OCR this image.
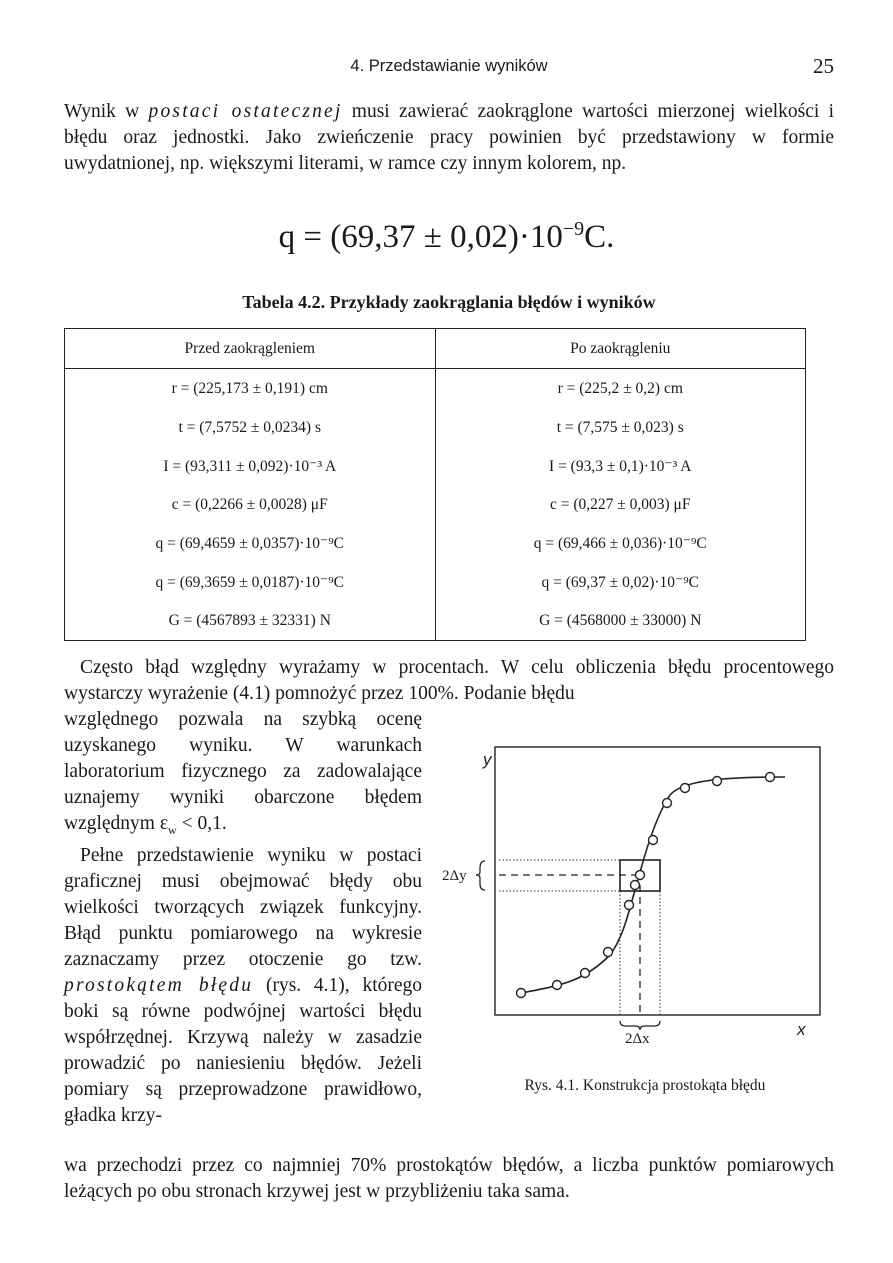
4. Przedstawianie wyników	25
Wynik w postaci ostatecznej musi zawierać zaokrąglone wartości mierzonej wielkości i błędu oraz jednostki. Jako zwieńczenie pracy powinien być przedstawiony w formie uwydatnionej, np. większymi literami, w ramce czy innym kolorem, np.
$q = (69,37 \pm 0,02)\cdot 10^{-9}C$.
Tabela 4.2. Przykłady zaokrąglania błędów i wyników
Przed zaokrągleniem	Po zaokrągleniu
r = (225,173 ± 0,191) cm	r = (225,2 ± 0,2) cm
t = (7,5752 ± 0,0234) s	t = (7,575 ± 0,023) s
I = (93,311 ± 0,092)·10⁻³ A	I = (93,3 ± 0,1)·10⁻³ A
c = (0,2266 ± 0,0028) μF	c = (0,227 ± 0,003) μF
q = (69,4659 ± 0,0357)·10⁻⁹C	q = (69,466 ± 0,036)·10⁻⁹C
q = (69,3659 ± 0,0187)·10⁻⁹C	q = (69,37 ± 0,02)·10⁻⁹C
G = (4567893 ± 32331) N	G = (4568000 ± 33000) N
Często błąd względny wyrażamy w procentach. W celu obliczenia błędu procentowego wystarczy wyrażenie (4.1) pomnożyć przez 100%. Podanie błędu

względnego pozwala na szybką ocenę uzyskanego wyniku. W warunkach laboratorium fizycznego za zadowalające uznajemy wyniki obarczone błędem względnym $\varepsilon_w < 0,1$.

Pełne przedstawienie wyniku w postaci graficznej musi obejmować błędy obu wielkości tworzących związek funkcyjny. Błąd punktu pomiarowego na wykresie zaznaczamy przez otoczenie go tzw. prostokątem błędu (rys. 4.1), którego boki są równe podwójnej wartości błędu współrzędnej. Krzywą należy w zasadzie prowadzić po naniesieniu błędów. Jeżeli pomiary są przeprowadzone prawidłowo, gładka krzy-

y
x
2Δy
2Δx
Rys. 4.1. Konstrukcja prostokąta błędu
wa przechodzi przez co najmniej 70% prostokątów błędów, a liczba punktów pomiarowych leżących po obu stronach krzywej jest w przybliżeniu taka sama.
